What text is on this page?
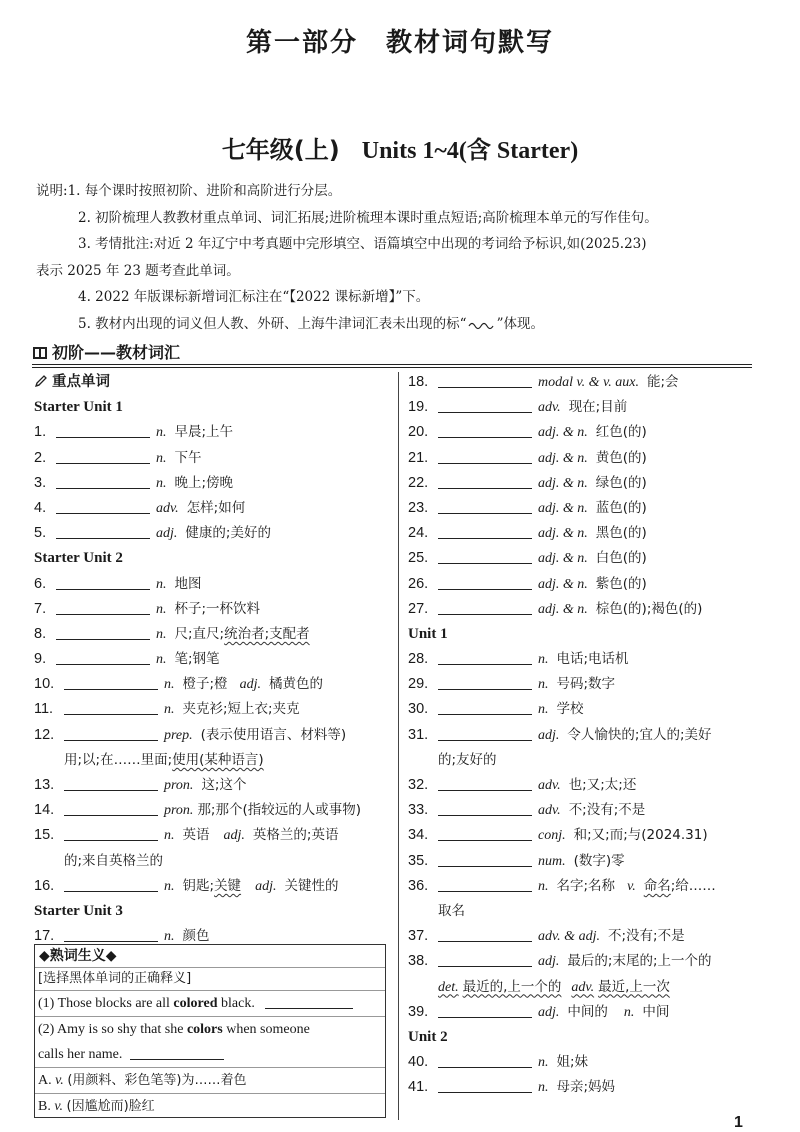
第一部分 教材词句默写
七年级(上) Units 1~4(含 Starter)
说明:1. 每个课时按照初阶、进阶和高阶进行分层。
2. 初阶梳理人教教材重点单词、词汇拓展;进阶梳理本课时重点短语;高阶梳理本单元的写作佳句。
3. 考情批注:对近 2 年辽宁中考真题中完形填空、语篇填空中出现的考词给予标识,如(2025.23)
表示 2025 年 23 题考查此单词。
4. 2022 年版课标新增词汇标注在“【2022 课标新增】”下。
5. 教材内出现的词义但人教、外研、上海牛津词汇表未出现的标“ ”体现。
初阶——教材词汇
重点单词
Starter Unit 1
1.	n. 早晨;上午
2.	n. 下午
3.	n. 晚上;傍晚
4.	adv. 怎样;如何
5.	adj. 健康的;美好的
Starter Unit 2
6.	n. 地图
7.	n. 杯子;一杯饮料
8.	n. 尺;直尺;统治者;支配者
9.	n. 笔;钢笔
10.	n. 橙子;橙 adj. 橘黄色的
11.	n. 夹克衫;短上衣;夹克
12.	prep. (表示使用语言、材料等)
用;以;在……里面;使用(某种语言)
13.	pron. 这;这个
14.	pron. 那;那个(指较远的人或事物)
15.	n. 英语 adj. 英格兰的;英语
的;来自英格兰的
16.	n. 钥匙;关键 adj. 关键性的
Starter Unit 3
17.	n. 颜色
◆熟词生义◆
[选择黑体单词的正确释义]
(1) Those blocks are all colored black.
(2) Amy is so shy that she colors when someone
calls her name.
A. v. (用颜料、彩色笔等)为……着色
B. v. (因尴尬而)脸红
18.	modal v. & v. aux. 能;会
19.	adv. 现在;目前
20.	adj. & n. 红色(的)
21.	adj. & n. 黄色(的)
22.	adj. & n. 绿色(的)
23.	adj. & n. 蓝色(的)
24.	adj. & n. 黑色(的)
25.	adj. & n. 白色(的)
26.	adj. & n. 紫色(的)
27.	adj. & n. 棕色(的);褐色(的)
Unit 1
28.	n. 电话;电话机
29.	n. 号码;数字
30.	n. 学校
31.	adj. 令人愉快的;宜人的;美好
的;友好的
32.	adv. 也;又;太;还
33.	adv. 不;没有;不是
34.	conj. 和;又;而;与(2024.31)
35.	num. (数字)零
36.	n. 名字;名称 v. 命名;给……
取名
37.	adv. & adj. 不;没有;不是
38.	adj. 最后的;末尾的;上一个的
det. 最近的,上一个的 adv. 最近,上一次
39.	adj. 中间的 n. 中间
Unit 2
40.	n. 姐;妹
41.	n. 母亲;妈妈
1
